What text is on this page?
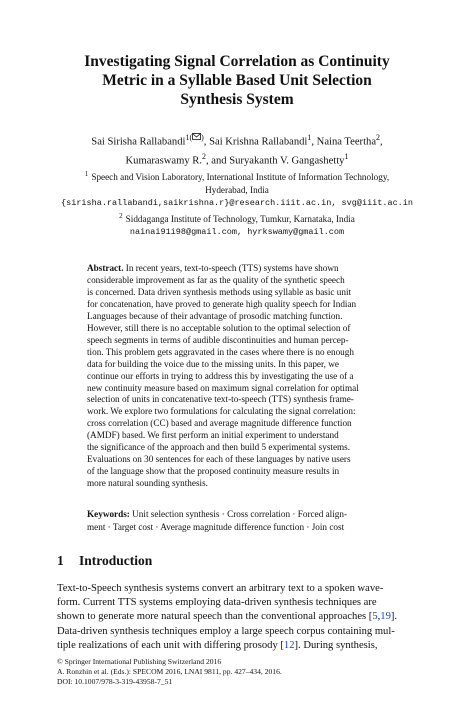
Investigating Signal Correlation as Continuity
Metric in a Syllable Based Unit Selection
Synthesis System
Sai Sirisha Rallabandi$^{1( )}$, Sai Krishna Rallabandi$^1$, Naina Teertha$^2$,
Kumaraswamy R.$^2$, and Suryakanth V. Gangashetty$^1$
$^1$ Speech and Vision Laboratory, International Institute of Information Technology,
Hyderabad, India
{sirisha.rallabandi,saikrishna.r}@research.iiit.ac.in, svg@iiit.ac.in
$^2$ Siddaganga Institute of Technology, Tumkur, Karnataka, India
nainai91i98@gmail.com, hyrkswamy@gmail.com
Abstract. In recent years, text-to-speech (TTS) systems have shown
considerable improvement as far as the quality of the synthetic speech
is concerned. Data driven synthesis methods using syllable as basic unit
for concatenation, have proved to generate high quality speech for Indian
Languages because of their advantage of prosodic matching function.
However, still there is no acceptable solution to the optimal selection of
speech segments in terms of audible discontinuities and human percep-
tion. This problem gets aggravated in the cases where there is no enough
data for building the voice due to the missing units. In this paper, we
continue our efforts in trying to address this by investigating the use of a
new continuity measure based on maximum signal correlation for optimal
selection of units in concatenative text-to-speech (TTS) synthesis frame-
work. We explore two formulations for calculating the signal correlation:
cross correlation (CC) based and average magnitude difference function
(AMDF) based. We first perform an initial experiment to understand
the significance of the approach and then build 5 experimental systems.
Evaluations on 30 sentences for each of these languages by native users
of the language show that the proposed continuity measure results in
more natural sounding synthesis.
Keywords: Unit selection synthesis · Cross correlation · Forced align-
ment · Target cost · Average magnitude difference function · Join cost
1 Introduction
Text-to-Speech synthesis systems convert an arbitrary text to a spoken wave-
form. Current TTS systems employing data-driven synthesis techniques are
shown to generate more natural speech than the conventional approaches [5,19].
Data-driven synthesis techniques employ a large speech corpus containing mul-
tiple realizations of each unit with differing prosody [12]. During synthesis,
© Springer International Publishing Switzerland 2016
A. Ronzhin et al. (Eds.): SPECOM 2016, LNAI 9811, pp. 427–434, 2016.
DOI: 10.1007/978-3-319-43958-7_51
